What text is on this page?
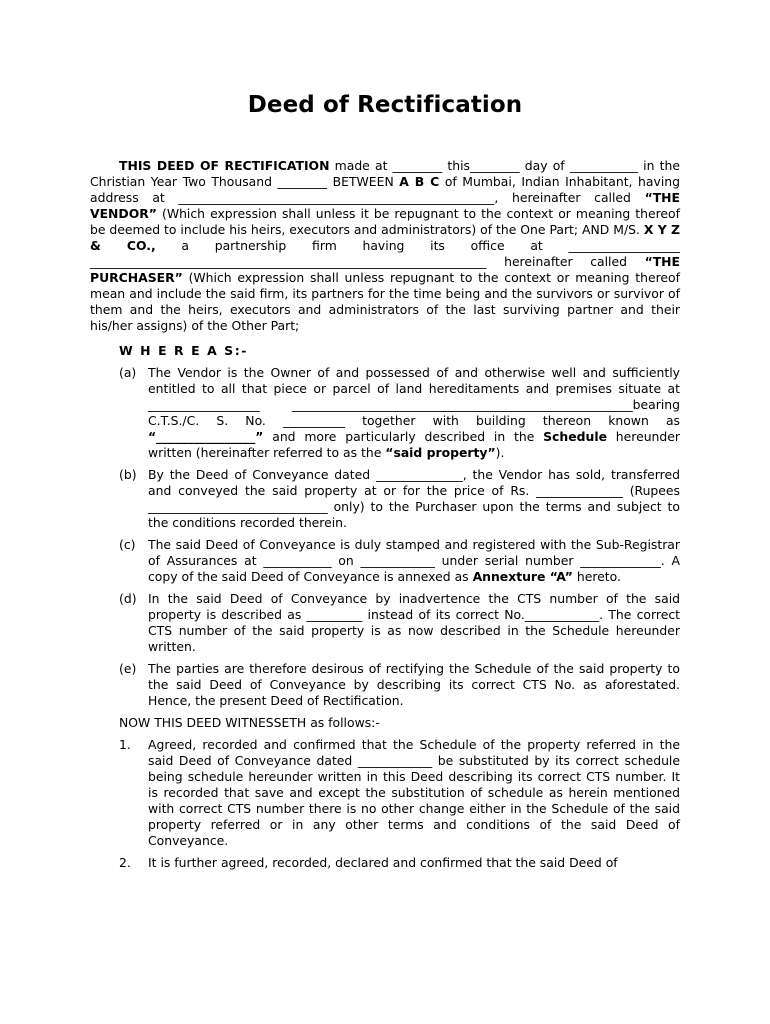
Deed of Rectification

THIS DEED OF RECTIFICATION made at ________ this________ day of ___________ in the Christian Year Two Thousand ________ BETWEEN A B C of Mumbai, Indian Inhabitant, having address at ___________________________________________________, hereinafter called “THE VENDOR” (Which expression shall unless it be repugnant to the context or meaning thereof be deemed to include his heirs, executors and administrators) of the One Part; AND M/S. X Y Z & CO., a partnership firm having its office at __________________ ________________________________________________________________ hereinafter called “THE PURCHASER” (Which expression shall unless repugnant to the context or meaning thereof mean and include the said firm, its partners for the time being and the survivors or survivor of them and the heirs, executors and administrators of the last surviving partner and their his/her assigns) of the Other Part;

W H E R E A S:-
(a) The Vendor is the Owner of and possessed of and otherwise well and sufficiently entitled to all that piece or parcel of land hereditaments and premises situate at __________________ _______________________________________________________bearing C.T.S./C. S. No. __________ together with building thereon known as “________________” and more particularly described in the Schedule hereunder written (hereinafter referred to as the “said property”).
(b) By the Deed of Conveyance dated ______________, the Vendor has sold, transferred and conveyed the said property at or for the price of Rs. ______________ (Rupees _____________________________ only) to the Purchaser upon the terms and subject to the conditions recorded therein.
(c)	The said Deed of Conveyance is duly stamped and registered with the Sub-Registrar of Assurances at ___________ on ____________ under serial number _____________. A copy of the said Deed of Conveyance is annexed as Annexture “A” hereto.
(d) In the said Deed of Conveyance by inadvertence the CTS number of the said property is described as _________ instead of its correct No.____________. The correct CTS number of the said property is as now described in the Schedule hereunder written.
(e) The parties are therefore desirous of rectifying the Schedule of the said property to the said Deed of Conveyance by describing its correct CTS No. as aforestated. Hence, the present Deed of Rectification.
NOW THIS DEED WITNESSETH as follows:-
1.	Agreed, recorded and confirmed that the Schedule of the property referred in the said Deed of Conveyance dated ____________ be substituted by its correct schedule being schedule hereunder written in this Deed describing its correct CTS number. It is recorded that save and except the substitution of schedule as herein mentioned with correct CTS number there is no other change either in the Schedule of the said property referred or in any other terms and conditions of the said Deed of Conveyance.
2.	It is further agreed, recorded, declared and confirmed that the said Deed of
